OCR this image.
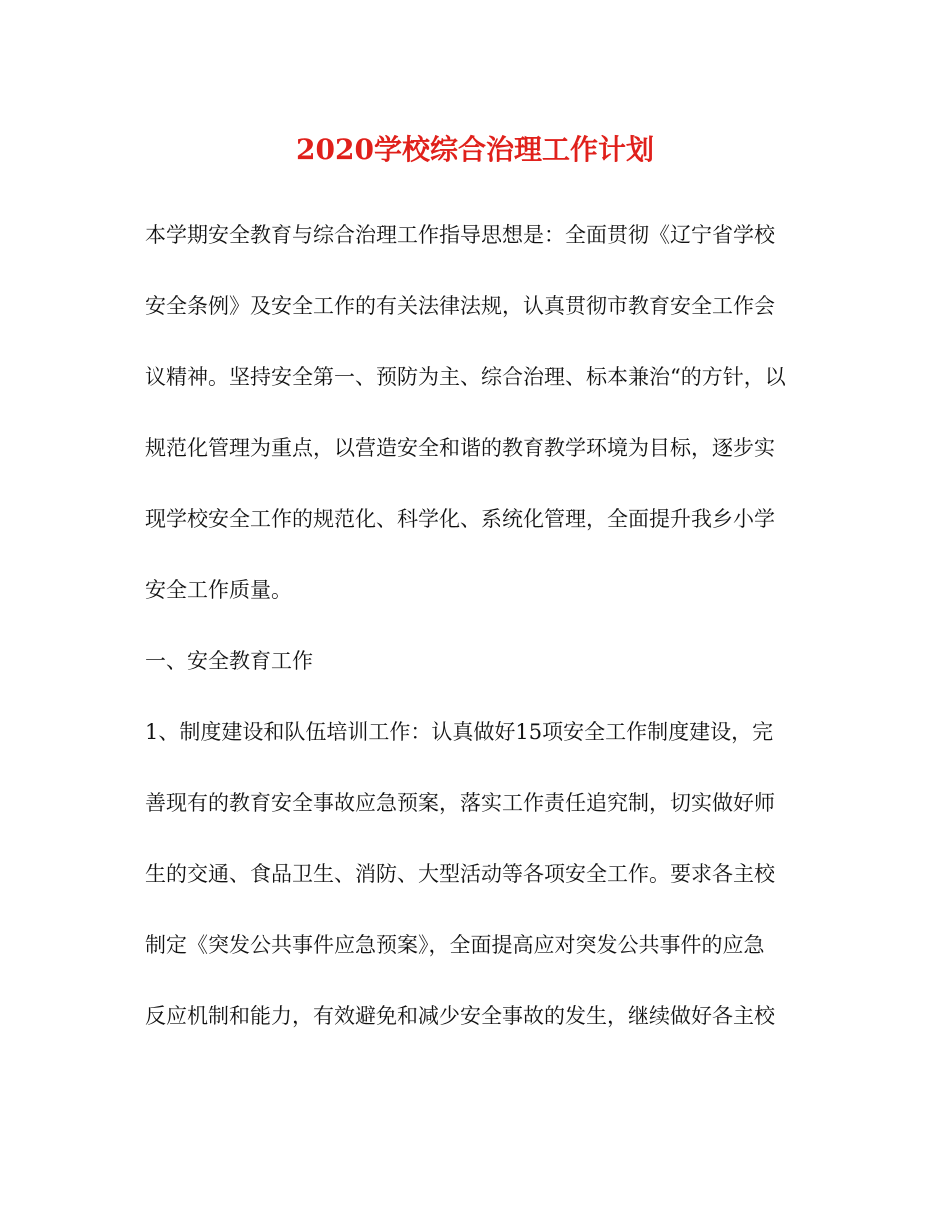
2020学校综合治理工作计划
本学期安全教育与综合治理工作指导思想是：全面贯彻《辽宁省学校
安全条例》及安全工作的有关法律法规，认真贯彻市教育安全工作会
议精神。坚持安全第一、预防为主、综合治理、标本兼治“的方针，以
规范化管理为重点，以营造安全和谐的教育教学环境为目标，逐步实
现学校安全工作的规范化、科学化、系统化管理，全面提升我乡小学
安全工作质量。
一、安全教育工作
1、制度建设和队伍培训工作：认真做好15项安全工作制度建设，完
善现有的教育安全事故应急预案，落实工作责任追究制，切实做好师
生的交通、食品卫生、消防、大型活动等各项安全工作。要求各主校
制定《突发公共事件应急预案》，全面提高应对突发公共事件的应急
反应机制和能力，有效避免和减少安全事故的发生，继续做好各主校
